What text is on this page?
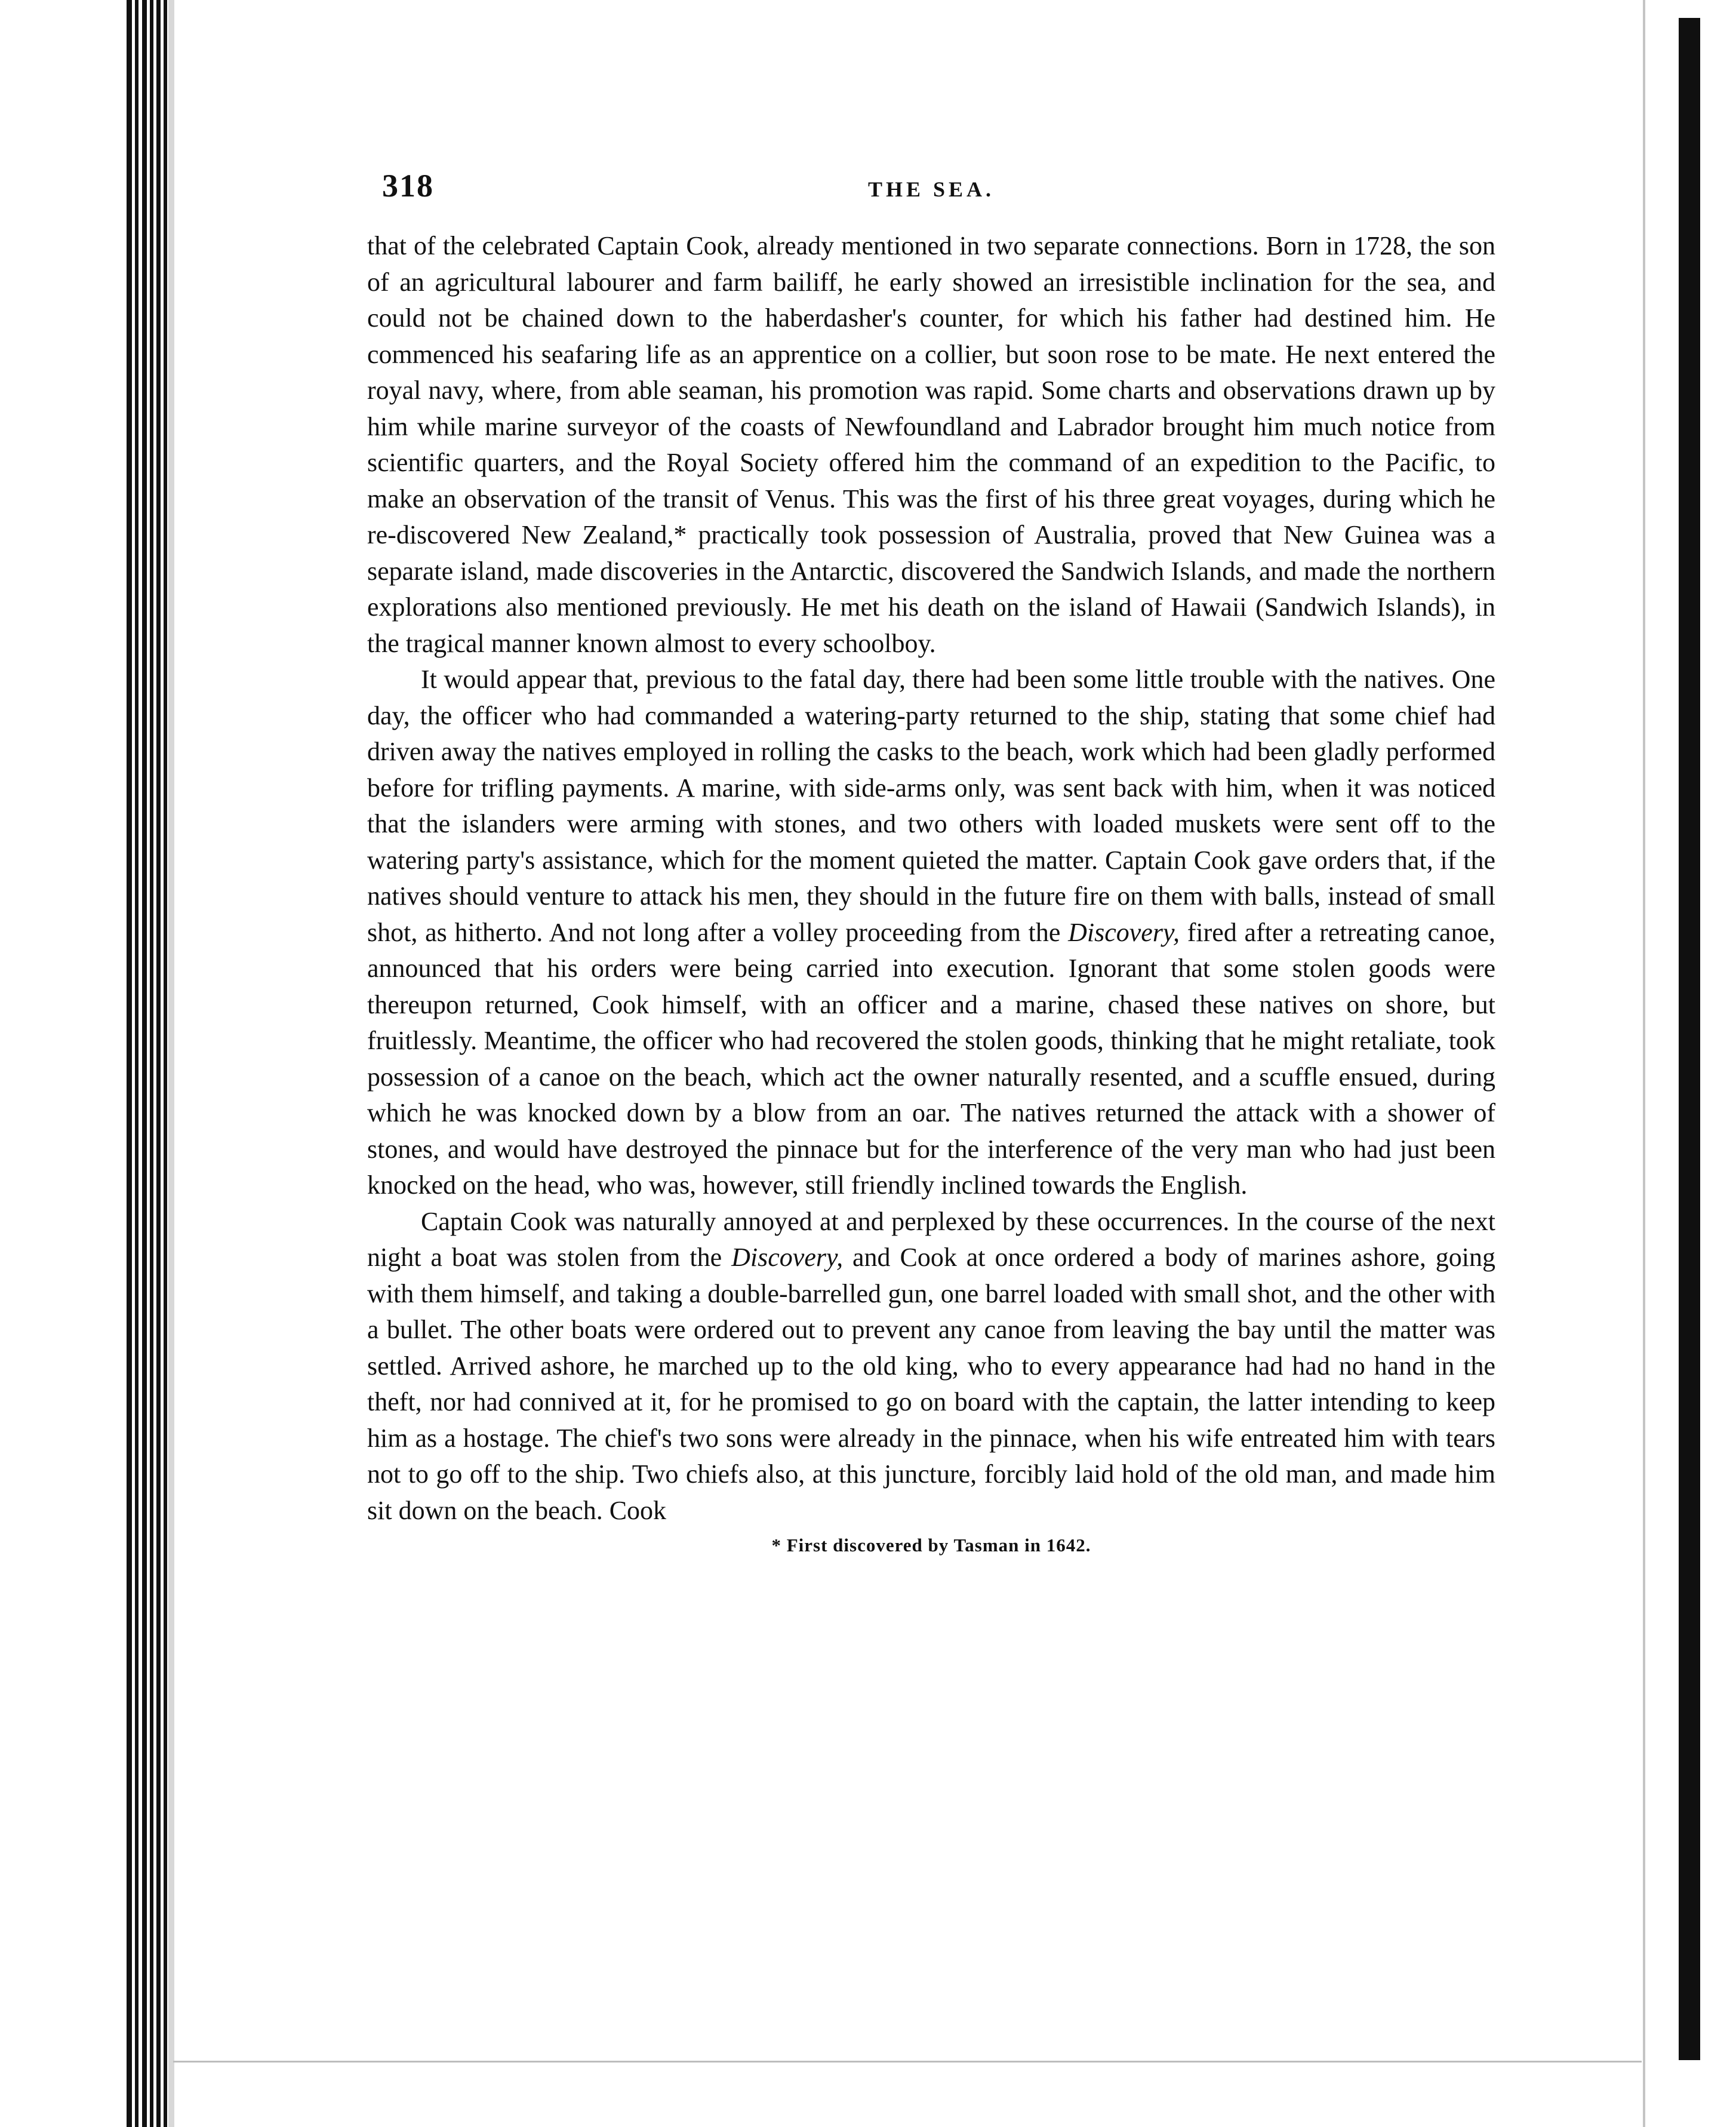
318	THE SEA.

that of the celebrated Captain Cook, already mentioned in two separate connections. Born in 1728, the son of an agricultural labourer and farm bailiff, he early showed an irresistible inclination for the sea, and could not be chained down to the haberdasher's counter, for which his father had destined him. He commenced his seafaring life as an apprentice on a collier, but soon rose to be mate. He next entered the royal navy, where, from able seaman, his promotion was rapid. Some charts and observations drawn up by him while marine surveyor of the coasts of Newfoundland and Labrador brought him much notice from scientific quarters, and the Royal Society offered him the command of an expedition to the Pacific, to make an observation of the transit of Venus. This was the first of his three great voyages, during which he re-discovered New Zealand,* practically took possession of Australia, proved that New Guinea was a separate island, made discoveries in the Antarctic, discovered the Sandwich Islands, and made the northern explorations also mentioned previously. He met his death on the island of Hawaii (Sandwich Islands), in the tragical manner known almost to every schoolboy.

It would appear that, previous to the fatal day, there had been some little trouble with the natives. One day, the officer who had commanded a watering-party returned to the ship, stating that some chief had driven away the natives employed in rolling the casks to the beach, work which had been gladly performed before for trifling payments. A marine, with side-arms only, was sent back with him, when it was noticed that the islanders were arming with stones, and two others with loaded muskets were sent off to the watering party's assistance, which for the moment quieted the matter. Captain Cook gave orders that, if the natives should venture to attack his men, they should in the future fire on them with balls, instead of small shot, as hitherto. And not long after a volley proceeding from the Discovery, fired after a retreating canoe, announced that his orders were being carried into execution. Ignorant that some stolen goods were thereupon returned, Cook himself, with an officer and a marine, chased these natives on shore, but fruitlessly. Meantime, the officer who had recovered the stolen goods, thinking that he might retaliate, took possession of a canoe on the beach, which act the owner naturally resented, and a scuffle ensued, during which he was knocked down by a blow from an oar. The natives returned the attack with a shower of stones, and would have destroyed the pinnace but for the interference of the very man who had just been knocked on the head, who was, however, still friendly inclined towards the English.

Captain Cook was naturally annoyed at and perplexed by these occurrences. In the course of the next night a boat was stolen from the Discovery, and Cook at once ordered a body of marines ashore, going with them himself, and taking a double-barrelled gun, one barrel loaded with small shot, and the other with a bullet. The other boats were ordered out to prevent any canoe from leaving the bay until the matter was settled. Arrived ashore, he marched up to the old king, who to every appearance had had no hand in the theft, nor had connived at it, for he promised to go on board with the captain, the latter intending to keep him as a hostage. The chief's two sons were already in the pinnace, when his wife entreated him with tears not to go off to the ship. Two chiefs also, at this juncture, forcibly laid hold of the old man, and made him sit down on the beach. Cook

* First discovered by Tasman in 1642.
